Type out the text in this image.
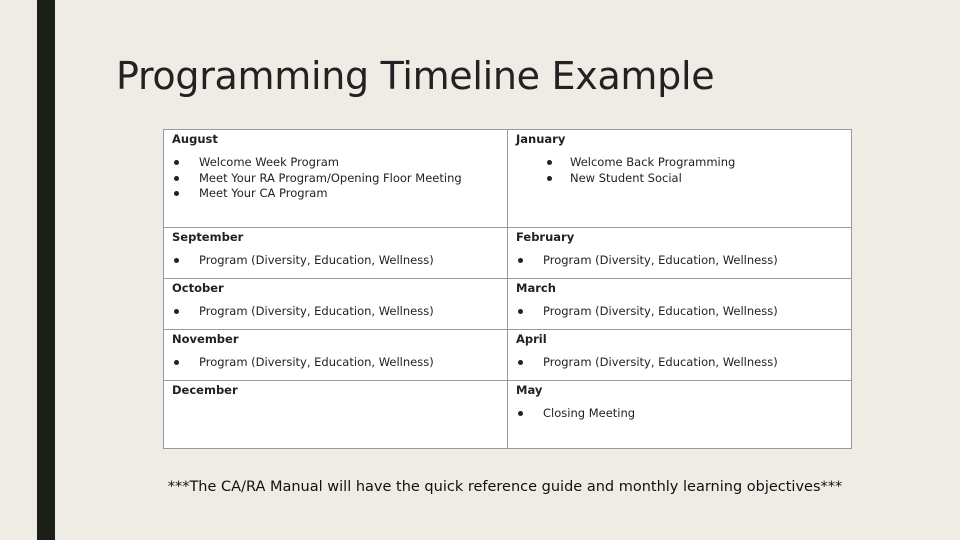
Programming Timeline Example
August
Welcome Week Program
Meet Your RA Program/Opening Floor Meeting
Meet Your CA Program
January
Welcome Back Programming
New Student Social
September
Program (Diversity, Education, Wellness)
February
Program (Diversity, Education, Wellness)
October
Program (Diversity, Education, Wellness)
March
Program (Diversity, Education, Wellness)
November
Program (Diversity, Education, Wellness)
April
Program (Diversity, Education, Wellness)
December	May
Closing Meeting
***The CA/RA Manual will have the quick reference guide and monthly learning objectives***
